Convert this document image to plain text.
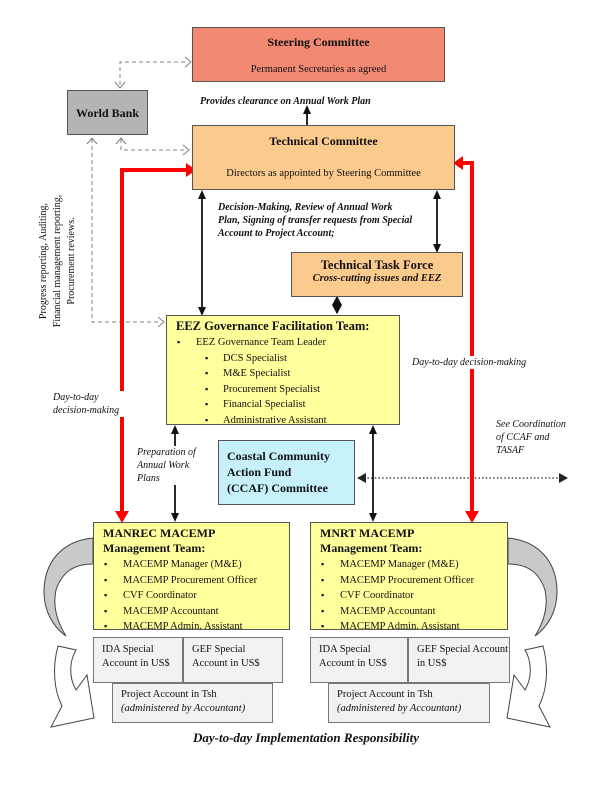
Steering Committee
Permanent Secretaries as agreed
World Bank
Technical Committee
Directors as appointed by Steering Committee
Technical Task Force
Cross-cutting issues and EEZ
EEZ Governance Facilitation Team:
▪ EEZ Governance Team Leader
▪ DCS Specialist
▪ M&E Specialist
▪ Procurement Specialist
▪ Financial Specialist
▪ Administrative Assistant
Coastal Community
Action Fund
(CCAF) Committee
MANREC MACEMP
Management Team:
▪ MACEMP Manager (M&E)
▪ MACEMP Procurement Officer
▪ CVF Coordinator
▪ MACEMP Accountant
▪ MACEMP Admin. Assistant
MNRT MACEMP
Management Team:
▪ MACEMP Manager (M&E)
▪ MACEMP Procurement Officer
▪ CVF Coordinator
▪ MACEMP Accountant
▪ MACEMP Admin. Assistant
IDA Special Account in US$
GEF Special Account in US$
Project Account in Tsh
(administered by Accountant)
IDA Special Account in US$
GEF Special Account in US$
Project Account in Tsh
(administered by Accountant)
Provides clearance on Annual Work Plan
Decision-Making, Review of Annual Work Plan, Signing of transfer requests from Special Account to Project Account;
Progress reporting, Auditing, Financial management reporting, Procurement reviews.
Day-to-day decision-making
Day-to-day decision-making
Preparation of Annual Work Plans
See Coordination of CCAF and TASAF
Day-to-day Implementation Responsibility
